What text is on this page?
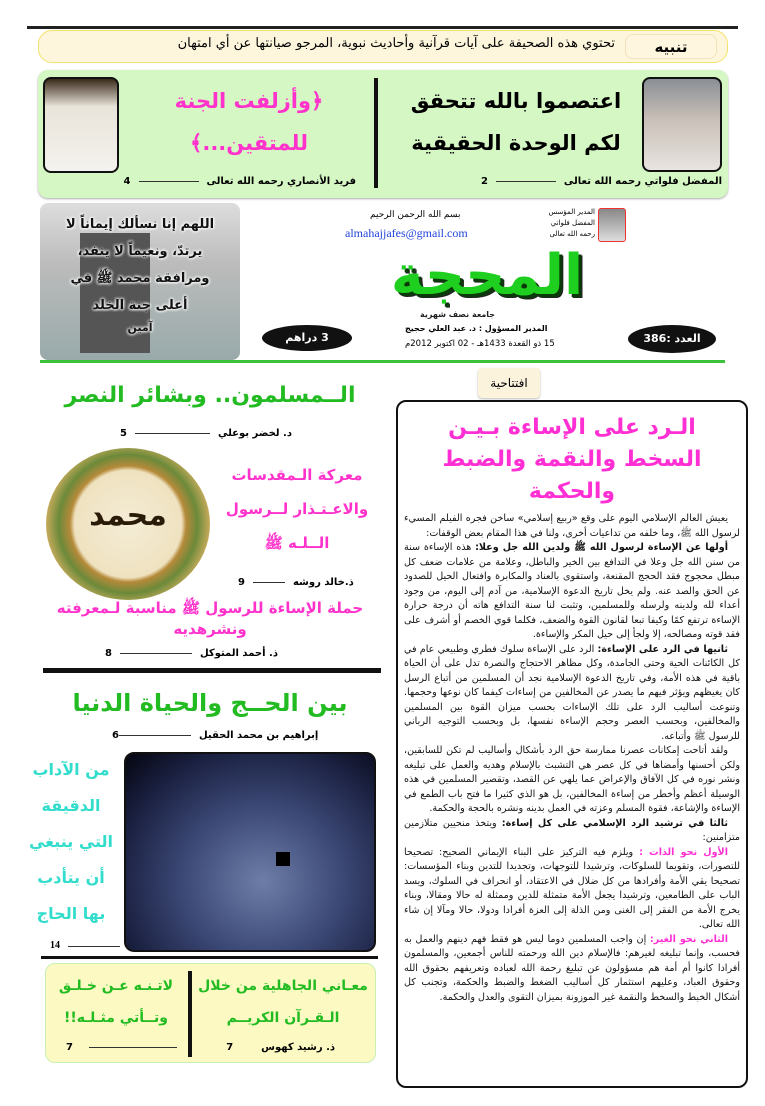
تنبيه
تحتوي هذه الصحيفة على آيات قرآنية وأحاديث نبوية، المرجو صيانتها عن أي امتهان
اعتصموا بالله تتحقق
لكم الوحدة الحقيقية
المفضل فلواتي رحمه الله تعالى2
﴿وأزلفت الجنة
للمتقين...﴾
فريد الأنصاري رحمه الله تعالى4
اللهم إنا نسألك إيماناً لا
يرتدّ، ونعيماً لا ينفد،
ومرافقة محمد ﷺ في
أعلى جنة الخلد
آمين
بسم الله الرحمن الرحيم
almahajjafes@gmail.com
المدير المؤسس
المفضل فلواتي
رحمه الله تعالى
المحجة
جامعة نصف شهرية
العدد :386
3 دراهم
المدير المسؤول : د. عبد العلي حجيج
15 ذو القعدة 1433هـ - 02 اكتوبر 2012م
افتتاحية
الـرد على الإساءة بـيـن
السخط والنقمة والضبط والحكمة

يعيش العالم الإسلامي اليوم على وقع «ربيع إسلامي» ساخن فجره الفيلم المسيء لرسول الله ﷺ، وما خلفه من تداعيات أخرى، ولنا في هذا المقام بعض الوقفات:

أولها عن الإساءة لرسول الله ﷺ ولدين الله جل وعلا: هذه الإساءة سنة من سنن الله جل وعلا في التدافع بين الخير والباطل، وعلامة من علامات ضعف كل مبطل محجوج فقد الحجج المقنعة، واستقوى بالعناد والمكابرة وافتعال الحيل للصدود عن الحق والصد عنه. ولم يخل تاريخ الدعوة الإسلامية، من آدم إلى اليوم، من وجود أعداء لله ولدينه ولرسله وللمسلمين، وتثبت لنا سنة التدافع هاته أن درجة حرارة الإساءة ترتفع كمًا وكيفا تبعا لقانون القوة والضعف، فكلما قوي الخصم أو أشرف على فقد قوته ومصالحه، إلا ولجأ إلى حيل المكر والإساءة.

ثانيها في الرد على الإساءة: الرد على الإساءة سلوك فطري وطبيعي عام في كل الكائنات الحية وحتى الجامدة، وكل مظاهر الاحتجاج والنصرة تدل على أن الحياة باقية في هذه الأمة، وفي تاريخ الدعوة الإسلامية نجد أن المسلمين من أتباع الرسل كان يغيظهم ويؤثر فيهم ما يصدر عن المخالفين من إساءات كيفما كان نوعها وحجمها. وتنوعت أساليب الرد على تلك الإساءات بحسب ميزان القوة بين المسلمين والمخالفين، وبحسب العصر وحجم الإساءة نفسها، بل وبحسب التوجيه الرباني للرسول ﷺ وأتباعه.

ولقد أتاحت إمكانات عصرنا ممارسة حق الرد بأشكال وأساليب لم تكن للسابقين، ولكن أحسنها وأمضاها في كل عصر هي التشبث بالإسلام وهديه والعمل على تبليغه ونشر نوره في كل الآفاق والإعراض عما يلهي عن القصد، وتقصير المسلمين في هذه الوسيلة أعظم وأخطر من إساءة المخالفين، بل هو الذي كثيرا ما فتح باب الطمع في الإساءة والإشاعة، فقوة المسلم وعزته في العمل بدينه ونشره بالحجة والحكمة.

ثالثا في ترشيد الرد الإسلامي على كل إساءة: ويتخذ منحيين متلازمين متزامنين:

الأول نحو الذات : ويلزم فيه التركيز على البناء الإيماني الصحيح: تصحيحا للتصورات، وتقويما للسلوكات، وترشيدا للتوجهات، وتجديدا للتدين وبناء المؤسسات: تصحيحا يقي الأمة وأفرادها من كل ضلال في الاعتقاد، أو انحراف في السلوك، ويسد الباب على الطامعين، وترشيدا يجعل الأمة متمثلة للدين وممثلة له حالا ومقالا، وبناء يخرج الأمة من الفقر إلى الغنى ومن الذلة إلى العزة أفرادا ودولا، حالا ومآلا إن شاء الله تعالى.

الثاني نحو الغير: إن واجب المسلمين دوما ليس هو فقط فهم دينهم والعمل به فحسب، وإنما تبليغه لغيرهم: فالإسلام دين الله ورحمته للناس أجمعين، والمسلمون أفرادا كانوا أم أمة هم مسؤولون عن تبليغ رحمة الله لعباده وتعريفهم بحقوق الله وحقوق العباد، وعليهم استثمار كل أساليب الضغط والضبط والحكمة، وتجنب كل أشكال الخبط والسخط والنقمة غير الموزونة بميزان التقوى والعدل والحكمة.

الــمسلمون.. وبشائر النصر
د. لخضر بوعلي5
محمد
معركة الـمقدسات
والاعـتـذار لــرسول
الــلـه ﷺ
ذ.خالد روشه9
حملة الإساءة للرسول ﷺ مناسبة لـمعرفته ونشرهديه
ذ. أحمد المتوكل8
بين الحــج والحياة الدنيا
إبراهيم بن محمد الحقيل6
من الآداب
الدقيقة
التي ينبغي
أن يتأدب
بها الحاج
14
معـاني الجاهلية من خلال
الـقـرآن الكريــم
ذ. رشيد كهوس7
لاتـنـه عـن خـلـق
وتــأتي مثـلـه!!
7
